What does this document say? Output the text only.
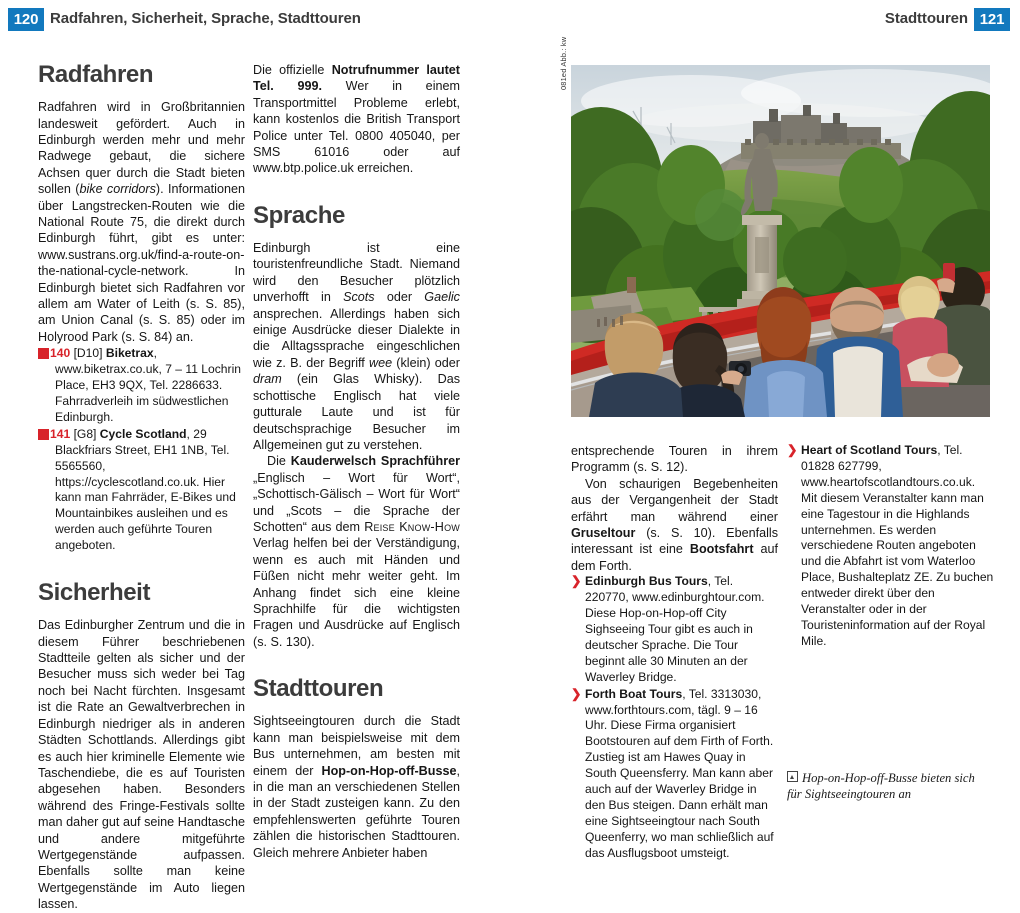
120 Radfahren, Sicherheit, Sprache, Stadttouren	Stadttouren 121
Radfahren

Radfahren wird in Großbritannien landesweit gefördert. Auch in Edinburgh werden mehr und mehr Radwege gebaut, die sichere Achsen quer durch die Stadt bieten sollen (bike corridors). Informationen über Langstrecken-Routen wie die National Route 75, die direkt durch Edinburgh führt, gibt es unter: www.sustrans.org.uk/find-a-route-on-the-national-cycle-network. In Edinburgh bietet sich Radfahren vor allem am Water of Leith (s. S. 85), am Union Canal (s. S. 85) oder im Holyrood Park (s. S. 84) an.

S 140 [D10] Biketrax, www.biketrax.co.uk, 7 – 11 Lochrin Place, EH3 9QX, Tel. 2286633. Fahrradverleih im südwestlichen Edinburgh.
S 141 [G8] Cycle Scotland, 29 Blackfriars Street, EH1 1NB, Tel. 5565560, https://cyclescotland.co.uk. Hier kann man Fahrräder, E-Bikes und Mountainbikes ausleihen und es werden auch geführte Touren angeboten.
Sicherheit

Das Edinburgher Zentrum und die in diesem Führer beschriebenen Stadtteile gelten als sicher und der Besucher muss sich weder bei Tag noch bei Nacht fürchten. Insgesamt ist die Rate an Gewaltverbrechen in Edinburgh niedriger als in anderen Städten Schottlands. Allerdings gibt es auch hier kriminelle Elemente wie Taschendiebe, die es auf Touristen abgesehen haben. Besonders während des Fringe-Festivals sollte man daher gut auf seine Handtasche und andere mitgeführte Wertgegenstände aufpassen. Ebenfalls sollte man keine Wertgegenstände im Auto liegen lassen.

Die offizielle Notrufnummer lautet Tel. 999. Wer in einem Transportmittel Probleme erlebt, kann kostenlos die British Transport Police unter Tel. 0800 405040, per SMS 61016 oder auf www.btp.police.uk erreichen.

Sprache

Edinburgh ist eine touristenfreundliche Stadt. Niemand wird den Besucher plötzlich unverhofft in Scots oder Gaelic ansprechen. Allerdings haben sich einige Ausdrücke dieser Dialekte in die Alltagssprache eingeschlichen wie z. B. der Begriff wee (klein) oder dram (ein Glas Whisky). Das schottische Englisch hat viele gutturale Laute und ist für deutschsprachige Besucher im Allgemeinen gut zu verstehen.

Die Kauderwelsch Sprachführer „Englisch – Wort für Wort“, „Schottisch-Gälisch – Wort für Wort“ und „Scots – die Sprache der Schotten“ aus dem Reise Know-How Verlag helfen bei der Verständigung, wenn es auch mit Händen und Füßen nicht mehr weiter geht. Im Anhang findet sich eine kleine Sprachhilfe für die wichtigsten Fragen und Ausdrücke auf Englisch (s. S. 130).

Stadttouren

Sightseeingtouren durch die Stadt kann man beispielsweise mit dem Bus unternehmen, am besten mit einem der Hop-on-Hop-off-Busse, in die man an verschiedenen Stellen in der Stadt zusteigen kann. Zu den empfehlenswerten geführte Touren zählen die historischen Stadttouren. Gleich mehrere Anbieter haben

081ed Abb.: kw

entsprechende Touren in ihrem Programm (s. S. 12).

Von schaurigen Begebenheiten aus der Vergangenheit der Stadt erfährt man während einer Gruseltour (s. S. 10). Ebenfalls interessant ist eine Bootsfahrt auf dem Forth.

❯ Edinburgh Bus Tours, Tel. 220770, www.edinburghtour.com. Diese Hop-on-Hop-off City Sighseeing Tour gibt es auch in deutscher Sprache. Die Tour beginnt alle 30 Minuten an der Waverley Bridge.
❯ Forth Boat Tours, Tel. 3313030, www.forthtours.com, tägl. 9 – 16 Uhr. Diese Firma organisiert Bootstouren auf dem Firth of Forth. Zustieg ist am Hawes Quay in South Queensferry. Man kann aber auch auf der Waverley Bridge in den Bus steigen. Dann erhält man eine Sightseeingtour nach South Queenferry, wo man schließlich auf das Ausflugsboot umsteigt.
❯ Heart of Scotland Tours, Tel. 01828 627799, www.heartofscotlandtours.co.uk. Mit diesem Veranstalter kann man eine Tagestour in die Highlands unternehmen. Es werden verschiedene Routen angeboten und die Abfahrt ist vom Waterloo Place, Bushalteplatz ZE. Zu buchen entweder direkt über den Veranstalter oder in der Touristeninformation auf der Royal Mile.
Hop-on-Hop-off-Busse bieten sich für Sightseeingtouren an
